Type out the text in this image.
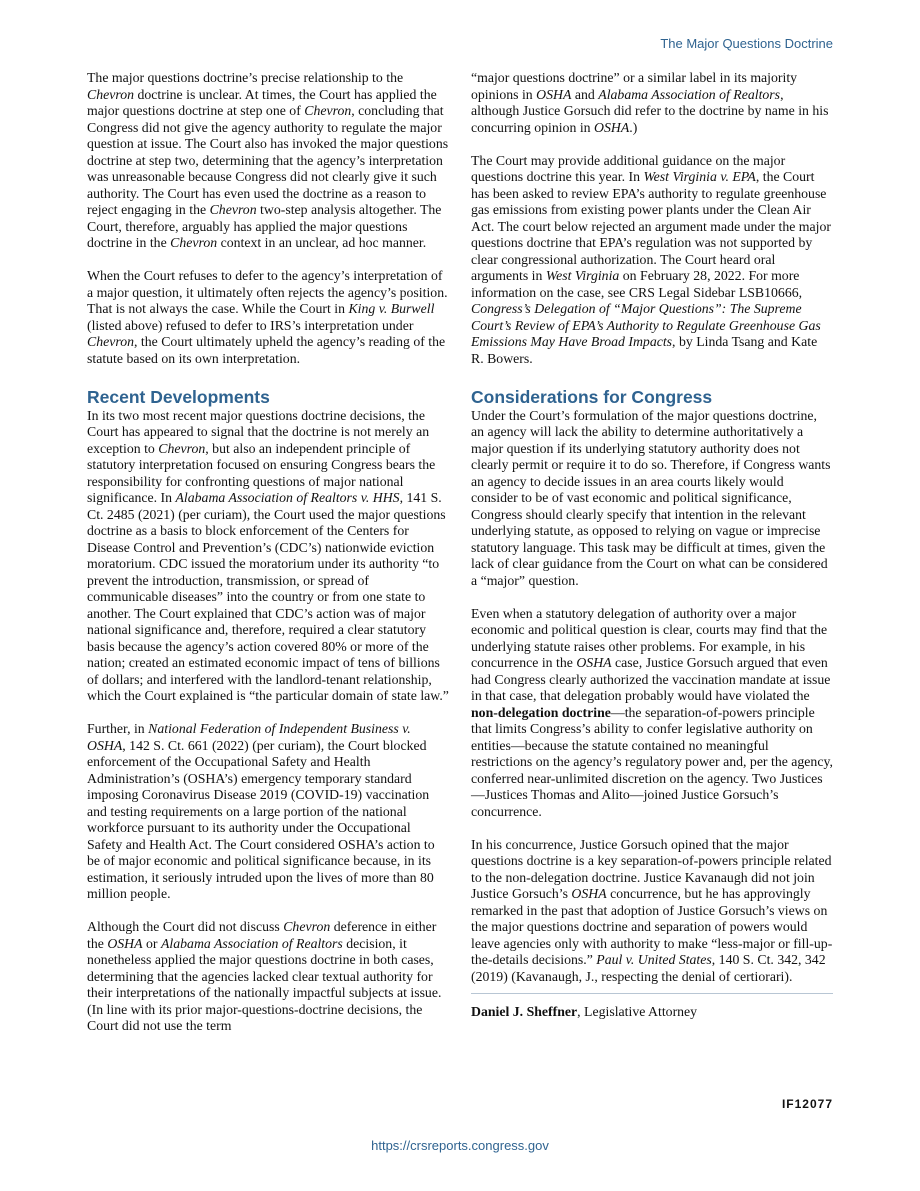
The Major Questions Doctrine

The major questions doctrine’s precise relationship to the Chevron doctrine is unclear. At times, the Court has applied the major questions doctrine at step one of Chevron, concluding that Congress did not give the agency authority to regulate the major question at issue. The Court also has invoked the major questions doctrine at step two, determining that the agency’s interpretation was unreasonable because Congress did not clearly give it such authority. The Court has even used the doctrine as a reason to reject engaging in the Chevron two-step analysis altogether. The Court, therefore, arguably has applied the major questions doctrine in the Chevron context in an unclear, ad hoc manner.

When the Court refuses to defer to the agency’s interpretation of a major question, it ultimately often rejects the agency’s position. That is not always the case. While the Court in King v. Burwell (listed above) refused to defer to IRS’s interpretation under Chevron, the Court ultimately upheld the agency’s reading of the statute based on its own interpretation.

Recent Developments

In its two most recent major questions doctrine decisions, the Court has appeared to signal that the doctrine is not merely an exception to Chevron, but also an independent principle of statutory interpretation focused on ensuring Congress bears the responsibility for confronting questions of major national significance. In Alabama Association of Realtors v. HHS, 141 S. Ct. 2485 (2021) (per curiam), the Court used the major questions doctrine as a basis to block enforcement of the Centers for Disease Control and Prevention’s (CDC’s) nationwide eviction moratorium. CDC issued the moratorium under its authority “to prevent the introduction, transmission, or spread of communicable diseases” into the country or from one state to another. The Court explained that CDC’s action was of major national significance and, therefore, required a clear statutory basis because the agency’s action covered 80% or more of the nation; created an estimated economic impact of tens of billions of dollars; and interfered with the landlord-tenant relationship, which the Court explained is “the particular domain of state law.”

Further, in National Federation of Independent Business v. OSHA, 142 S. Ct. 661 (2022) (per curiam), the Court blocked enforcement of the Occupational Safety and Health Administration’s (OSHA’s) emergency temporary standard imposing Coronavirus Disease 2019 (COVID-19) vaccination and testing requirements on a large portion of the national workforce pursuant to its authority under the Occupational Safety and Health Act. The Court considered OSHA’s action to be of major economic and political significance because, in its estimation, it seriously intruded upon the lives of more than 80 million people.

Although the Court did not discuss Chevron deference in either the OSHA or Alabama Association of Realtors decision, it nonetheless applied the major questions doctrine in both cases, determining that the agencies lacked clear textual authority for their interpretations of the nationally impactful subjects at issue. (In line with its prior major-questions-doctrine decisions, the Court did not use the term

“major questions doctrine” or a similar label in its majority opinions in OSHA and Alabama Association of Realtors, although Justice Gorsuch did refer to the doctrine by name in his concurring opinion in OSHA.)

The Court may provide additional guidance on the major questions doctrine this year. In West Virginia v. EPA, the Court has been asked to review EPA’s authority to regulate greenhouse gas emissions from existing power plants under the Clean Air Act. The court below rejected an argument made under the major questions doctrine that EPA’s regulation was not supported by clear congressional authorization. The Court heard oral arguments in West Virginia on February 28, 2022. For more information on the case, see CRS Legal Sidebar LSB10666, Congress’s Delegation of “Major Questions”: The Supreme Court’s Review of EPA’s Authority to Regulate Greenhouse Gas Emissions May Have Broad Impacts, by Linda Tsang and Kate R. Bowers.

Considerations for Congress

Under the Court’s formulation of the major questions doctrine, an agency will lack the ability to determine authoritatively a major question if its underlying statutory authority does not clearly permit or require it to do so. Therefore, if Congress wants an agency to decide issues in an area courts likely would consider to be of vast economic and political significance, Congress should clearly specify that intention in the relevant underlying statute, as opposed to relying on vague or imprecise statutory language. This task may be difficult at times, given the lack of clear guidance from the Court on what can be considered a “major” question.

Even when a statutory delegation of authority over a major economic and political question is clear, courts may find that the underlying statute raises other problems. For example, in his concurrence in the OSHA case, Justice Gorsuch argued that even had Congress clearly authorized the vaccination mandate at issue in that case, that delegation probably would have violated the non-delegation doctrine—the separation-of-powers principle that limits Congress’s ability to confer legislative authority on entities—because the statute contained no meaningful restrictions on the agency’s regulatory power and, per the agency, conferred near-unlimited discretion on the agency. Two Justices—Justices Thomas and Alito—joined Justice Gorsuch’s concurrence.

In his concurrence, Justice Gorsuch opined that the major questions doctrine is a key separation-of-powers principle related to the non-delegation doctrine. Justice Kavanaugh did not join Justice Gorsuch’s OSHA concurrence, but he has approvingly remarked in the past that adoption of Justice Gorsuch’s views on the major questions doctrine and separation of powers would leave agencies only with authority to make “less-major or fill-up-the-details decisions.” Paul v. United States, 140 S. Ct. 342, 342 (2019) (Kavanaugh, J., respecting the denial of certiorari).

Daniel J. Sheffner, Legislative Attorney

IF12077
https://crsreports.congress.gov
